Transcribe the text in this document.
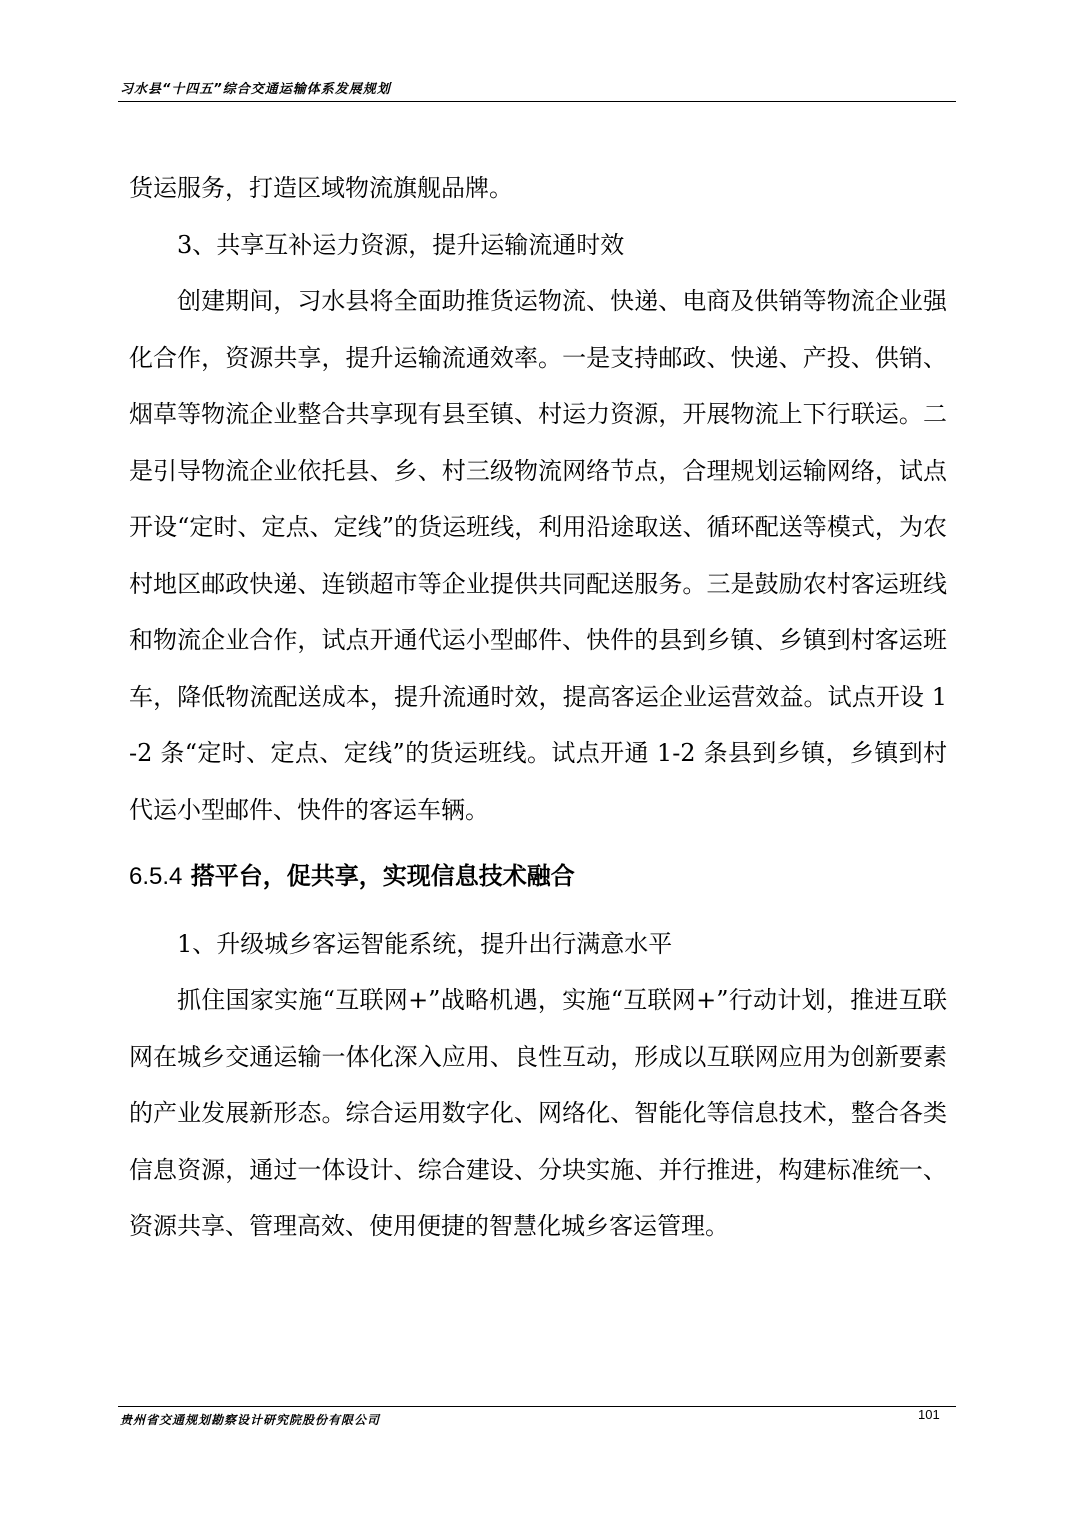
习水县“十四五”综合交通运输体系发展规划

货运服务，打造区域物流旗舰品牌。

3、共享互补运力资源，提升运输流通时效

创建期间，习水县将全面助推货运物流、快递、电商及供销等物流企业强化合作，资源共享，提升运输流通效率。一是支持邮政、快递、产投、供销、烟草等物流企业整合共享现有县至镇、村运力资源，开展物流上下行联运。二是引导物流企业依托县、乡、村三级物流网络节点，合理规划运输网络，试点开设“定时、定点、定线”的货运班线，利用沿途取送、循环配送等模式，为农村地区邮政快递、连锁超市等企业提供共同配送服务。三是鼓励农村客运班线和物流企业合作，试点开通代运小型邮件、快件的县到乡镇、乡镇到村客运班车，降低物流配送成本，提升流通时效，提高客运企业运营效益。试点开设 1-2 条“定时、定点、定线”的货运班线。试点开通 1-2 条县到乡镇，乡镇到村代运小型邮件、快件的客运车辆。

6.5.4 搭平台，促共享，实现信息技术融合

1、升级城乡客运智能系统，提升出行满意水平

抓住国家实施“互联网+”战略机遇，实施“互联网+”行动计划，推进互联网在城乡交通运输一体化深入应用、良性互动，形成以互联网应用为创新要素的产业发展新形态。综合运用数字化、网络化、智能化等信息技术，整合各类信息资源，通过一体设计、综合建设、分块实施、并行推进，构建标准统一、资源共享、管理高效、使用便捷的智慧化城乡客运管理。

贵州省交通规划勘察设计研究院股份有限公司	101
